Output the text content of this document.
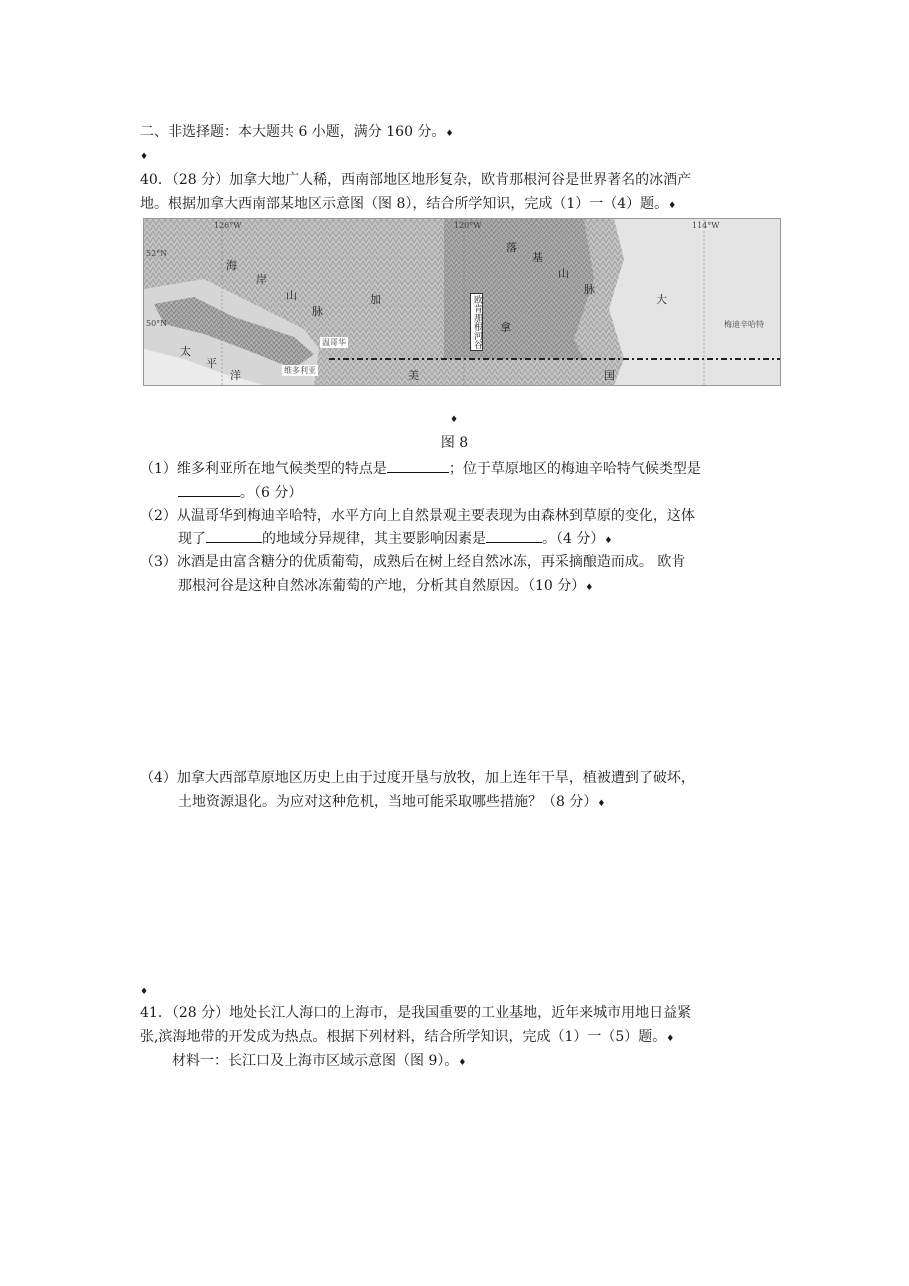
二、非选择题：本大题共 6 小题，满分 160 分。♦
♦
40．（28 分）加拿大地广人稀，西南部地区地形复杂，欧肯那根河谷是世界著名的冰酒产
地。根据加拿大西南部某地区示意图（图 8），结合所学知识，完成（1）一（4）题。♦
126°W	120°W	114°W
52°N
50°N
海
岸
山
脉
加
落
基
山
脉
拿
大
太
平
洋	美	国
温哥华
维多利亚
梅迪辛哈特
欧肯那根河谷
♦
图 8
（1）维多利亚所在地气候类型的特点是	；位于草原地区的梅迪辛哈特气候类型是
。（6 分）
（2）从温哥华到梅迪辛哈特，水平方向上自然景观主要表现为由森林到草原的变化，这体
现了	的地域分异规律，其主要影响因素是	。（4 分）♦
（3）冰酒是由富含糖分的优质葡萄，成熟后在树上经自然冰冻，再采摘酿造而成。 欧肯
那根河谷是这种自然冰冻葡萄的产地，分析其自然原因。（10 分）♦
（4）加拿大西部草原地区历史上由于过度开垦与放牧，加上连年干旱，植被遭到了破坏，
土地资源退化。为应对这种危机，当地可能采取哪些措施？（8 分）♦
♦
41．（28 分）地处长江人海口的上海市，是我国重要的工业基地，近年来城市用地日益紧
张,滨海地带的开发成为热点。根据下列材料，结合所学知识，完成（1）一（5）题。♦
材料一：长江口及上海市区域示意图（图 9）。♦
